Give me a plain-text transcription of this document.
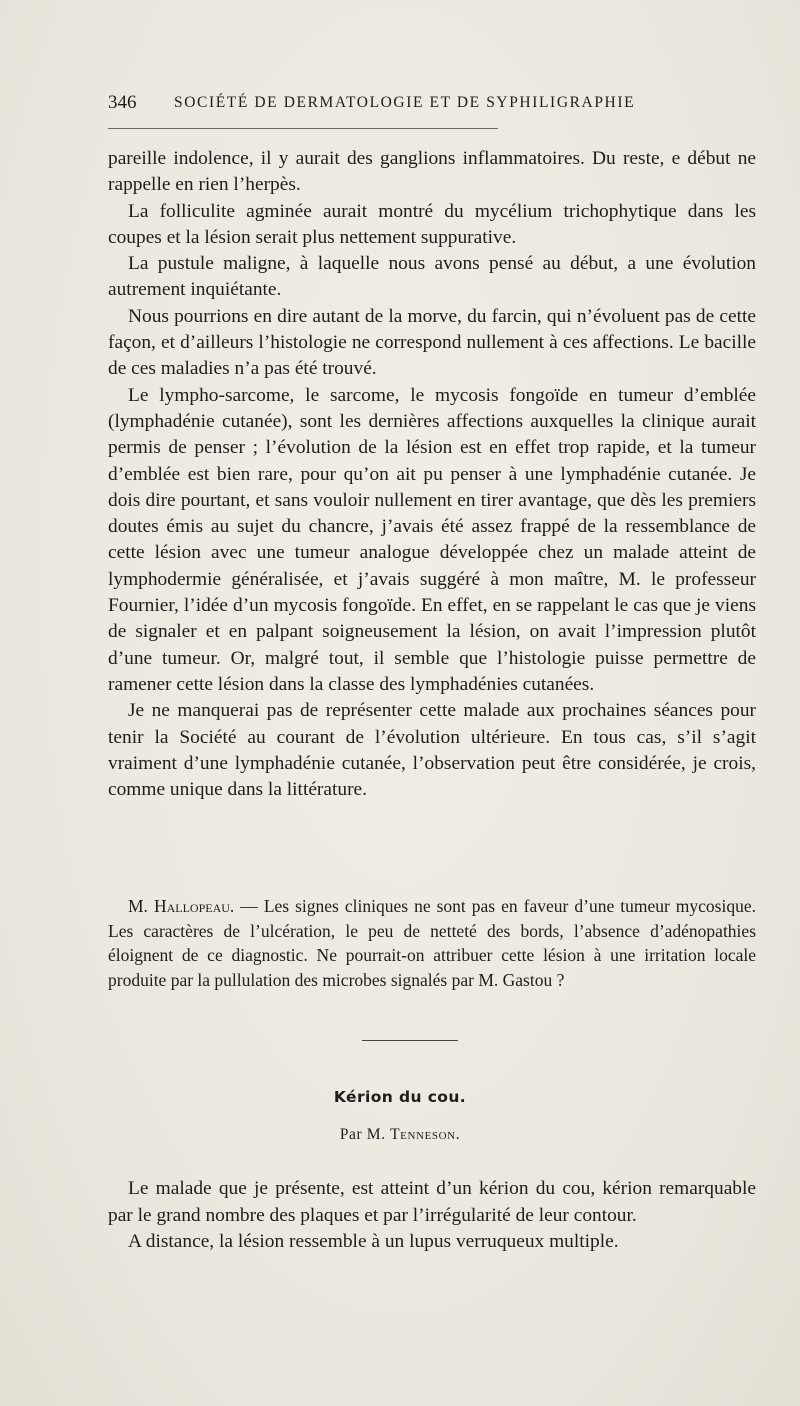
346 SOCIÉTÉ DE DERMATOLOGIE ET DE SYPHILIGRAPHIE

pareille indolence, il y aurait des ganglions inflammatoires. Du reste, e début ne rappelle en rien l’herpès.

La folliculite agminée aurait montré du mycélium trichophytique dans les coupes et la lésion serait plus nettement suppurative.

La pustule maligne, à laquelle nous avons pensé au début, a une évolution autrement inquiétante.

Nous pourrions en dire autant de la morve, du farcin, qui n’évoluent pas de cette façon, et d’ailleurs l’histologie ne correspond nullement à ces affections. Le bacille de ces maladies n’a pas été trouvé.

Le lympho-sarcome, le sarcome, le mycosis fongoïde en tumeur d’emblée (lymphadénie cutanée), sont les dernières affections auxquelles la clinique aurait permis de penser ; l’évolution de la lésion est en effet trop rapide, et la tumeur d’emblée est bien rare, pour qu’on ait pu penser à une lymphadénie cutanée. Je dois dire pourtant, et sans vouloir nullement en tirer avantage, que dès les premiers doutes émis au sujet du chancre, j’avais été assez frappé de la ressemblance de cette lésion avec une tumeur analogue développée chez un malade atteint de lymphodermie généralisée, et j’avais suggéré à mon maître, M. le professeur Fournier, l’idée d’un mycosis fongoïde. En effet, en se rappelant le cas que je viens de signaler et en palpant soigneusement la lésion, on avait l’impression plutôt d’une tumeur. Or, malgré tout, il semble que l’histologie puisse permettre de ramener cette lésion dans la classe des lymphadénies cutanées.

Je ne manquerai pas de représenter cette malade aux prochaines séances pour tenir la Société au courant de l’évolution ultérieure. En tous cas, s’il s’agit vraiment d’une lymphadénie cutanée, l’observation peut être considérée, je crois, comme unique dans la littérature.

M. Hallopeau. — Les signes cliniques ne sont pas en faveur d’une tumeur mycosique. Les caractères de l’ulcération, le peu de netteté des bords, l’absence d’adénopathies éloignent de ce diagnostic. Ne pourrait-on attribuer cette lésion à une irritation locale produite par la pullulation des microbes signalés par M. Gastou ?

Kérion du cou.
Par M. Tenneson.

Le malade que je présente, est atteint d’un kérion du cou, kérion remarquable par le grand nombre des plaques et par l’irrégularité de leur contour.

A distance, la lésion ressemble à un lupus verruqueux multiple.
